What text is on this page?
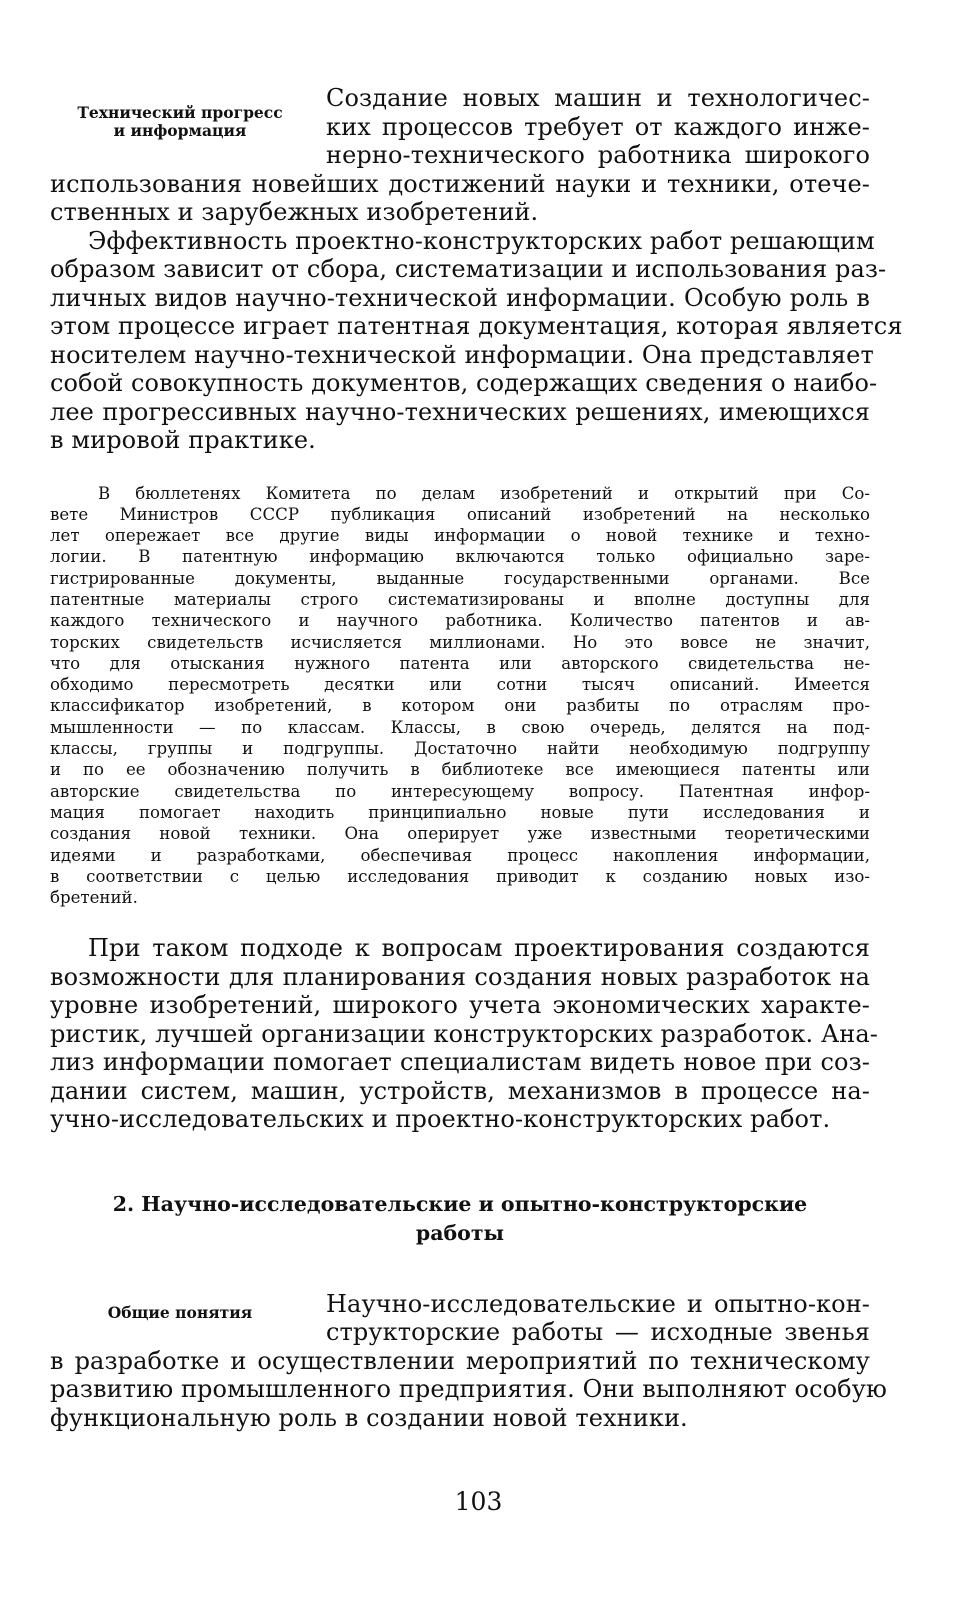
Технический прогресс
и информация
Создание новых машин и технологичес-
ких процессов требует от каждого инже-
нерно-технического работника широкого
использования новейших достижений науки и техники, отече-
ственных и зарубежных изобретений.
Эффективность проектно-конструкторских работ решающим
образом зависит от сбора, систематизации и использования раз-
личных видов научно-технической информации. Особую роль в
этом процессе играет патентная документация, которая является
носителем научно-технической информации. Она представляет
собой совокупность документов, содержащих сведения о наибо-
лее прогрессивных научно-технических решениях, имеющихся
в мировой практике.
В бюллетенях Комитета по делам изобретений и открытий при Со-
вете Министров СССР публикация описаний изобретений на несколько
лет опережает все другие виды информации о новой технике и техно-
логии. В патентную информацию включаются только официально заре-
гистрированные документы, выданные государственными органами. Все
патентные материалы строго систематизированы и вполне доступны для
каждого технического и научного работника. Количество патентов и ав-
торских свидетельств исчисляется миллионами. Но это вовсе не значит,
что для отыскания нужного патента или авторского свидетельства не-
обходимо пересмотреть десятки или сотни тысяч описаний. Имеется
классификатор изобретений, в котором они разбиты по отраслям про-
мышленности — по классам. Классы, в свою очередь, делятся на под-
классы, группы и подгруппы. Достаточно найти необходимую подгруппу
и по ее обозначению получить в библиотеке все имеющиеся патенты или
авторские свидетельства по интересующему вопросу. Патентная инфор-
мация помогает находить принципиально новые пути исследования и
создания новой техники. Она оперирует уже известными теоретическими
идеями и разработками, обеспечивая процесс накопления информации,
в соответствии с целью исследования приводит к созданию новых изо-
бретений.
При таком подходе к вопросам проектирования создаются
возможности для планирования создания новых разработок на
уровне изобретений, широкого учета экономических характе-
ристик, лучшей организации конструкторских разработок. Ана-
лиз информации помогает специалистам видеть новое при соз-
дании систем, машин, устройств, механизмов в процессе на-
учно-исследовательских и проектно-конструкторских работ.
2. Научно-исследовательские и опытно-конструкторские
работы
Общие понятия	Научно-исследовательские и опытно-кон-
структорские работы — исходные звенья
в разработке и осуществлении мероприятий по техническому
развитию промышленного предприятия. Они выполняют особую
функциональную роль в создании новой техники.
103
